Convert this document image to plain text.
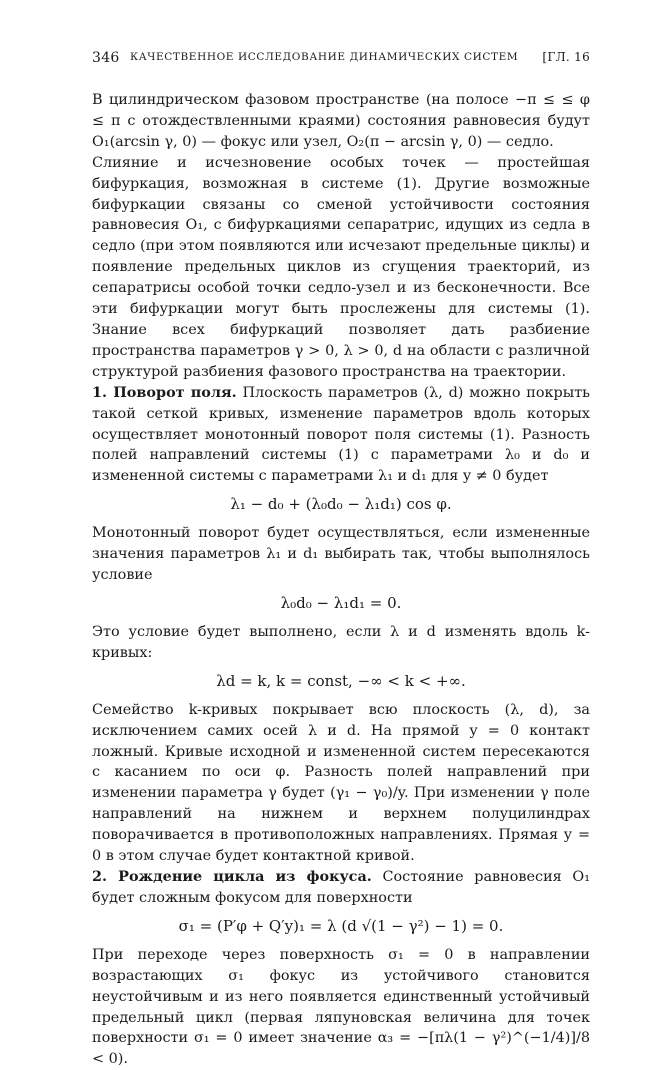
346 КАЧЕСТВЕННОЕ ИССЛЕДОВАНИЕ ДИНАМИЧЕСКИХ СИСТЕМ [ГЛ. 16

В цилиндрическом фазовом пространстве (на полосе −π ≤ ≤ φ ≤ π с отождествленными краями) состояния равновесия будут O₁(arcsin γ, 0) — фокус или узел, O₂(π − arcsin γ, 0) — седло.

Слияние и исчезновение особых точек — простейшая бифуркация, возможная в системе (1). Другие возможные бифуркации связаны со сменой устойчивости состояния равновесия O₁, с бифуркациями сепаратрис, идущих из седла в седло (при этом появляются или исчезают предельные циклы) и появление предельных циклов из сгущения траекторий, из сепаратрисы особой точки седло-узел и из бесконечности. Все эти бифуркации могут быть прослежены для системы (1). Знание всех бифуркаций позволяет дать разбиение пространства параметров γ > 0, λ > 0, d на области с различной структурой разбиения фазового пространства на траектории.

1. Поворот поля. Плоскость параметров (λ, d) можно покрыть такой сеткой кривых, изменение параметров вдоль которых осуществляет монотонный поворот поля системы (1). Разность полей направлений системы (1) с параметрами λ₀ и d₀ и измененной системы с параметрами λ₁ и d₁ для y ≠ 0 будет

λ₁ − d₀ + (λ₀d₀ − λ₁d₁) cos φ.

Монотонный поворот будет осуществляться, если измененные значения параметров λ₁ и d₁ выбирать так, чтобы выполнялось условие

λ₀d₀ − λ₁d₁ = 0.

Это условие будет выполнено, если λ и d изменять вдоль k-кривых:

λd = k, k = const, −∞ < k < +∞.

Семейство k-кривых покрывает всю плоскость (λ, d), за исключением самих осей λ и d. На прямой y = 0 контакт ложный. Кривые исходной и измененной систем пересекаются с касанием по оси φ. Разность полей направлений при изменении параметра γ будет (γ₁ − γ₀)/y. При изменении γ поле направлений на нижнем и верхнем полуцилиндрах поворачивается в противоположных направлениях. Прямая y = 0 в этом случае будет контактной кривой.

2. Рождение цикла из фокуса. Состояние равновесия O₁ будет сложным фокусом для поверхности

σ₁ = (P′φ + Q′y)₁ = λ (d √(1 − γ²) − 1) = 0.

При переходе через поверхность σ₁ = 0 в направлении возрастающих σ₁ фокус из устойчивого становится неустойчивым и из него появляется единственный устойчивый предельный цикл (первая ляпуновская величина для точек поверхности σ₁ = 0 имеет значение α₃ = −[πλ(1 − γ²)^(−1/4)]/8 < 0).
